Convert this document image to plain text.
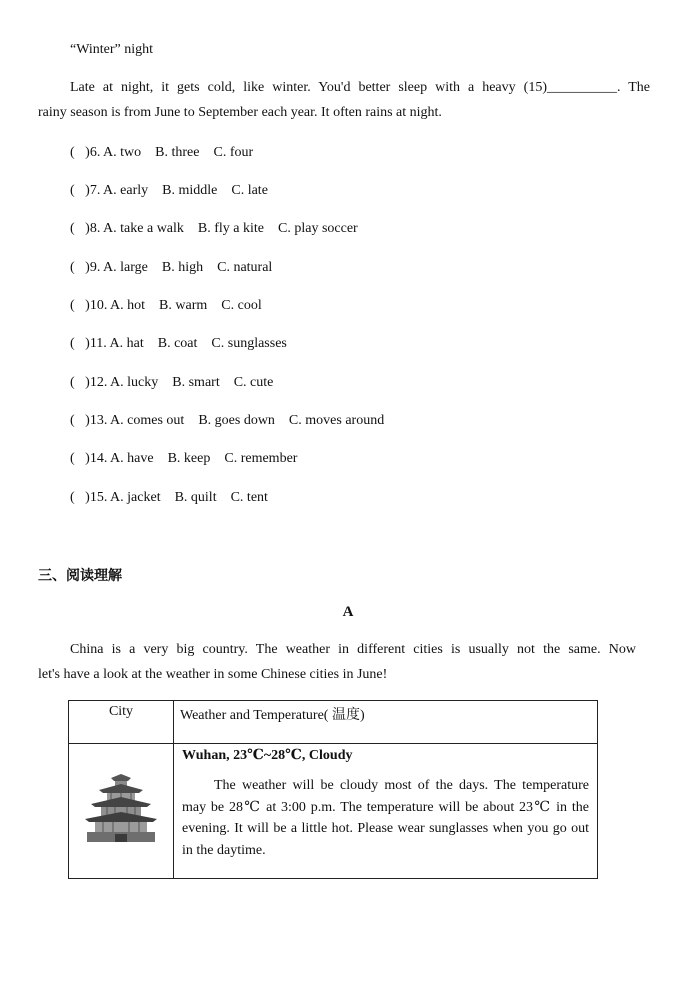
“Winter” night
Late at night, it gets cold, like winter. You'd better sleep with a heavy (15)__________. The
rainy season is from June to September each year. It often rains at night.
(   )6. A. two    B. three    C. four
(   )7. A. early    B. middle    C. late
(   )8. A. take a walk    B. fly a kite    C. play soccer
(   )9. A. large    B. high    C. natural
(   )10. A. hot    B. warm    C. cool
(   )11. A. hat    B. coat    C. sunglasses
(   )12. A. lucky    B. smart    C. cute
(   )13. A. comes out    B. goes down    C. moves around
(   )14. A. have    B. keep    C. remember
(   )15. A. jacket    B. quilt    C. tent
三、阅读理解
A
China is a very big country. The weather in different cities is usually not the same. Now
let's have a look at the weather in some Chinese cities in June!
City	Weather and Temperature( 温度)

Wuhan, 23℃~28℃, Cloudy
The weather will be cloudy most of the days. The temperature may be 28℃ at 3:00 p.m. The temperature will be about 23℃ in the evening. It will be a little hot. Please wear sunglasses when you go out in the daytime.
